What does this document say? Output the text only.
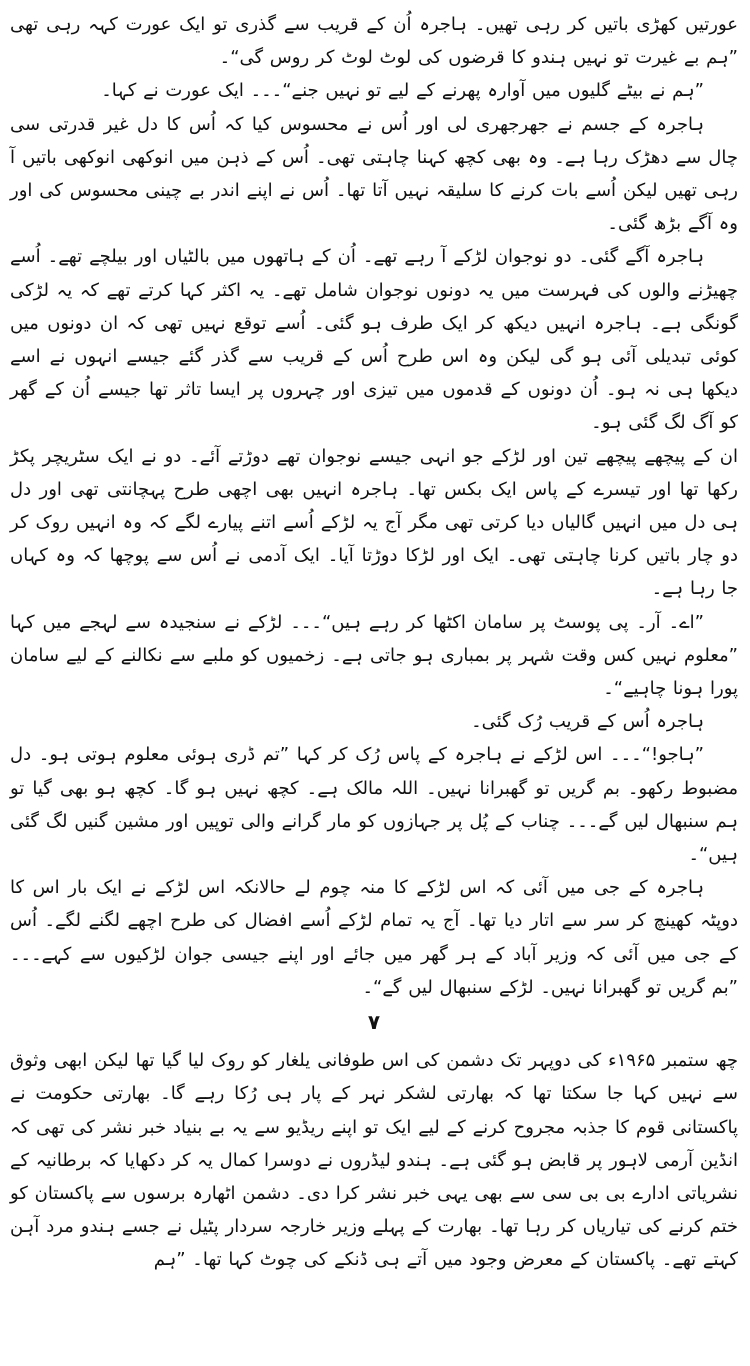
عورتیں کھڑی باتیں کر رہی تھیں۔ ہاجرہ اُن کے قریب سے گذری تو ایک عورت کہہ رہی تھی ”ہم بے غیرت تو نہیں ہندو کا قرضوں کی لوٹ لوٹ کر روس گی“۔

”ہم نے بیٹے گلیوں میں آوارہ پھرنے کے لیے تو نہیں جنے“۔۔۔ ایک عورت نے کہا۔

ہاجرہ کے جسم نے جھرجھری لی اور اُس نے محسوس کیا کہ اُس کا دل غیر قدرتی سی چال سے دھڑک رہا ہے۔ وہ بھی کچھ کہنا چاہتی تھی۔ اُس کے ذہن میں انوکھی انوکھی باتیں آ رہی تھیں لیکن اُسے بات کرنے کا سلیقہ نہیں آتا تھا۔ اُس نے اپنے اندر بے چینی محسوس کی اور وہ آگے بڑھ گئی۔

ہاجرہ آگے گئی۔ دو نوجوان لڑکے آ رہے تھے۔ اُن کے ہاتھوں میں بالٹیاں اور بیلچے تھے۔ اُسے چھیڑنے والوں کی فہرست میں یہ دونوں نوجوان شامل تھے۔ یہ اکثر کہا کرتے تھے کہ یہ لڑکی گونگی ہے۔ ہاجرہ انہیں دیکھ کر ایک طرف ہو گئی۔ اُسے توقع نہیں تھی کہ ان دونوں میں کوئی تبدیلی آئی ہو گی لیکن وہ اس طرح اُس کے قریب سے گذر گئے جیسے انہوں نے اسے دیکھا ہی نہ ہو۔ اُن دونوں کے قدموں میں تیزی اور چہروں پر ایسا تاثر تھا جیسے اُن کے گھر کو آگ لگ گئی ہو۔

ان کے پیچھے پیچھے تین اور لڑکے جو انہی جیسے نوجوان تھے دوڑتے آئے۔ دو نے ایک سٹریچر پکڑ رکھا تھا اور تیسرے کے پاس ایک بکس تھا۔ ہاجرہ انہیں بھی اچھی طرح پہچانتی تھی اور دل ہی دل میں انہیں گالیاں دیا کرتی تھی مگر آج یہ لڑکے اُسے اتنے پیارے لگے کہ وہ انہیں روک کر دو چار باتیں کرنا چاہتی تھی۔ ایک اور لڑکا دوڑتا آیا۔ ایک آدمی نے اُس سے پوچھا کہ وہ کہاں جا رہا ہے۔

”اے۔ آر۔ پی پوسٹ پر سامان اکٹھا کر رہے ہیں“۔۔۔ لڑکے نے سنجیدہ سے لہجے میں کہا ”معلوم نہیں کس وقت شہر پر بمباری ہو جاتی ہے۔ زخمیوں کو ملبے سے نکالنے کے لیے سامان پورا ہونا چاہیے“۔

ہاجرہ اُس کے قریب رُک گئی۔

”ہاجو!“۔۔۔ اس لڑکے نے ہاجرہ کے پاس رُک کر کہا ”تم ڈری ہوئی معلوم ہوتی ہو۔ دل مضبوط رکھو۔ بم گریں تو گھبرانا نہیں۔ اللہ مالک ہے۔ کچھ نہیں ہو گا۔ کچھ ہو بھی گیا تو ہم سنبھال لیں گے۔۔۔ چناب کے پُل پر جہازوں کو مار گرانے والی توپیں اور مشین گنیں لگ گئی ہیں“۔

ہاجرہ کے جی میں آئی کہ اس لڑکے کا منہ چوم لے حالانکہ اس لڑکے نے ایک بار اس کا دوپٹہ کھینچ کر سر سے اتار دیا تھا۔ آج یہ تمام لڑکے اُسے افضال کی طرح اچھے لگنے لگے۔ اُس کے جی میں آئی کہ وزیر آباد کے ہر گھر میں جائے اور اپنے جیسی جوان لڑکیوں سے کہے۔۔۔ ”بم گریں تو گھبرانا نہیں۔ لڑکے سنبھال لیں گے“۔

۷

چھ ستمبر ۱۹۶۵ء کی دوپہر تک دشمن کی اس طوفانی یلغار کو روک لیا گیا تھا لیکن ابھی وثوق سے نہیں کہا جا سکتا تھا کہ بھارتی لشکر نہر کے پار ہی رُکا رہے گا۔ بھارتی حکومت نے پاکستانی قوم کا جذبہ مجروح کرنے کے لیے ایک تو اپنے ریڈیو سے یہ بے بنیاد خبر نشر کی تھی کہ انڈین آرمی لاہور پر قابض ہو گئی ہے۔ ہندو لیڈروں نے دوسرا کمال یہ کر دکھایا کہ برطانیہ کے نشریاتی ادارے بی بی سی سے بھی یہی خبر نشر کرا دی۔ دشمن اٹھارہ برسوں سے پاکستان کو ختم کرنے کی تیاریاں کر رہا تھا۔ بھارت کے پہلے وزیر خارجہ سردار پٹیل نے جسے ہندو مرد آہن کہتے تھے۔ پاکستان کے معرض وجود میں آتے ہی ڈنکے کی چوٹ کہا تھا۔ ”ہم
